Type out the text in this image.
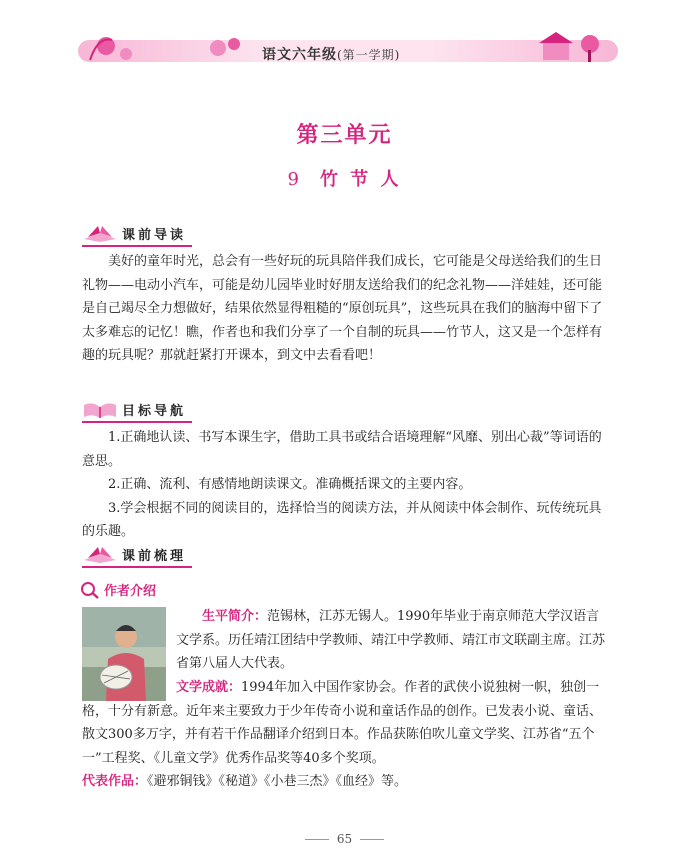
语文六年级(第一学期)
第三单元
9 竹 节 人
课前导读

美好的童年时光，总会有一些好玩的玩具陪伴我们成长，它可能是父母送给我们的生日礼物——电动小汽车，可能是幼儿园毕业时好朋友送给我们的纪念礼物——洋娃娃，还可能是自己竭尽全力想做好，结果依然显得粗糙的“原创玩具”，这些玩具在我们的脑海中留下了太多难忘的记忆！瞧，作者也和我们分享了一个自制的玩具——竹节人，这又是一个怎样有趣的玩具呢？那就赶紧打开课本，到文中去看看吧！

目标导航

1.正确地认读、书写本课生字，借助工具书或结合语境理解“风靡、别出心裁”等词语的意思。

2.正确、流利、有感情地朗读课文。准确概括课文的主要内容。

3.学会根据不同的阅读目的，选择恰当的阅读方法，并从阅读中体会制作、玩传统玩具的乐趣。

课前梳理
作者介绍

生平简介：范锡林，江苏无锡人。1990年毕业于南京师范大学汉语言文学系。历任靖江团结中学教师、靖江中学教师、靖江市文联副主席。江苏省第八届人大代表。

文学成就：1994年加入中国作家协会。作者的武侠小说独树一帜，独创一格，十分有新意。近年来主要致力于少年传奇小说和童话作品的创作。已发表小说、童话、散文300多万字，并有若干作品翻译介绍到日本。作品获陈伯吹儿童文学奖、江苏省“五个一”工程奖、《儿童文学》优秀作品奖等40多个奖项。

代表作品：《避邪铜钱》《秘道》《小巷三杰》《血经》等。

65
